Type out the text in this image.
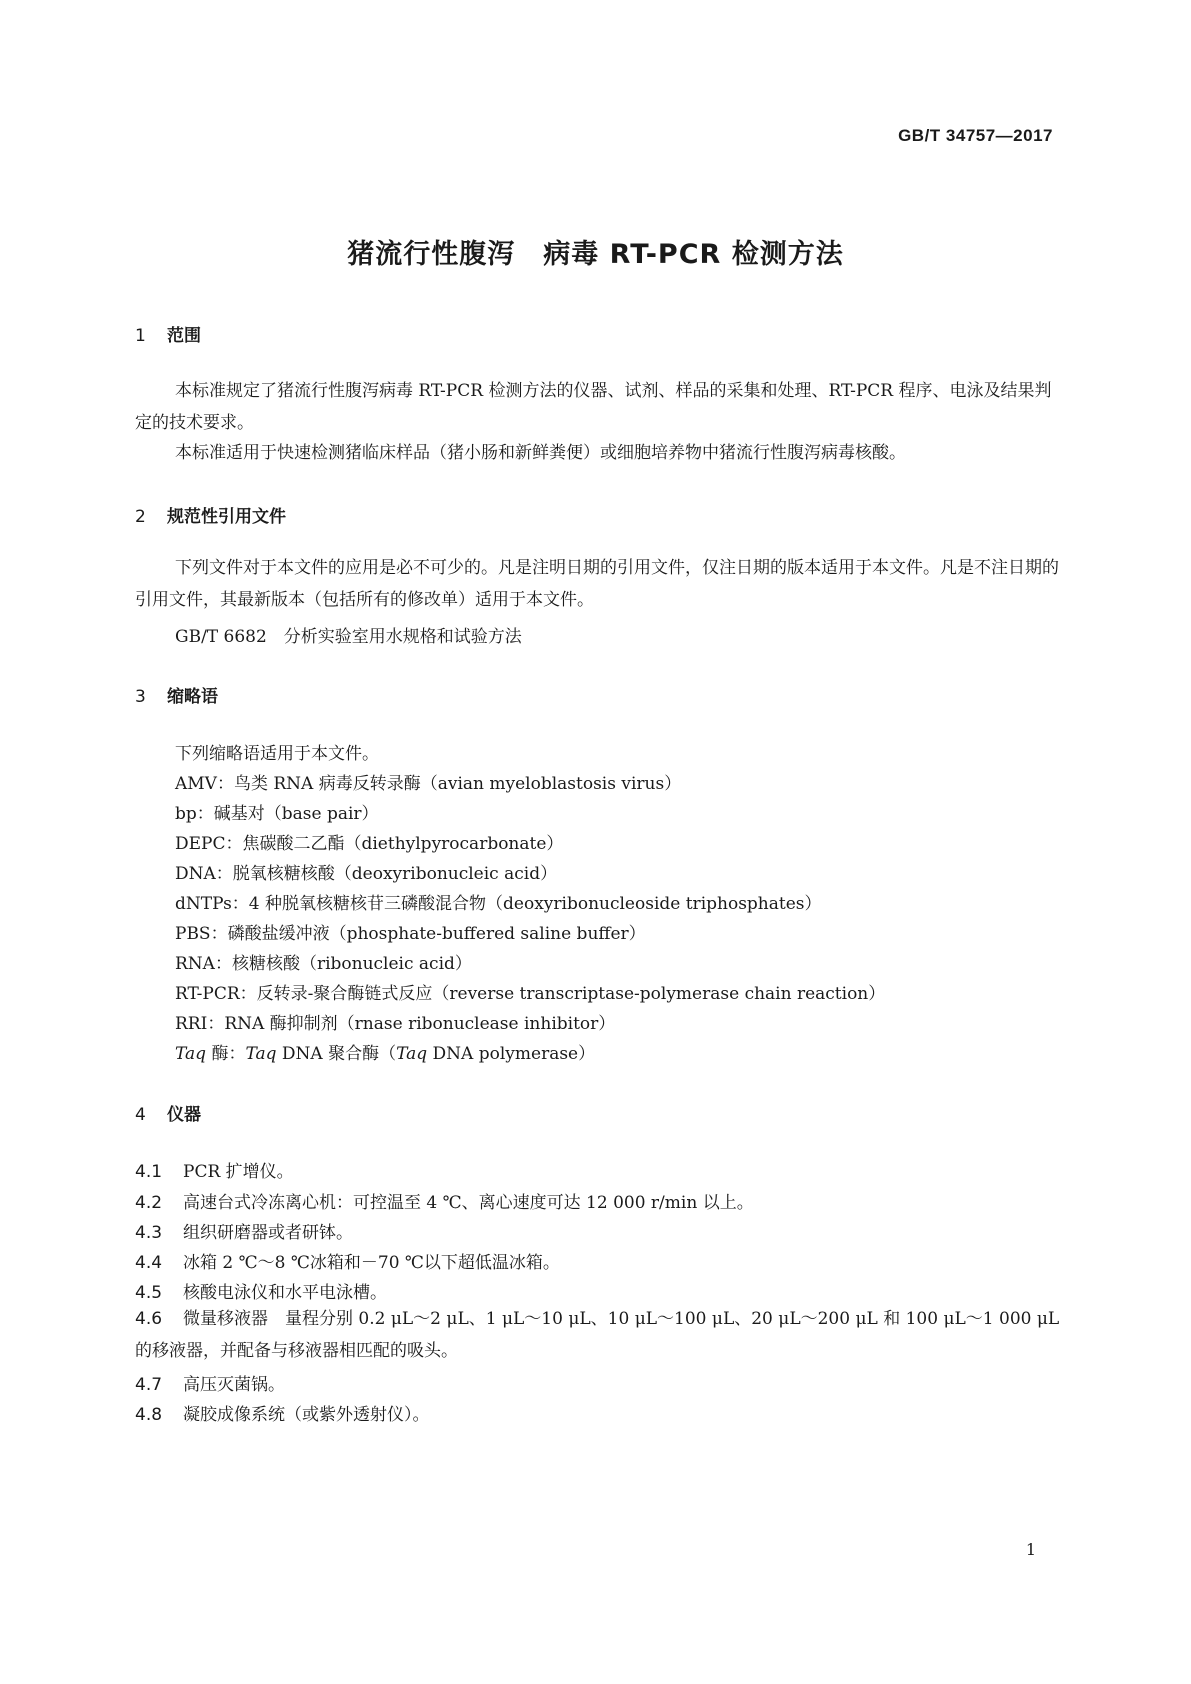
GB/T 34757—2017
猪流行性腹泻　病毒 RT-PCR 检测方法
1 范围
本标准规定了猪流行性腹泻病毒 RT-PCR 检测方法的仪器、试剂、样品的采集和处理、RT-PCR 程序、电泳及结果判定的技术要求。
本标准适用于快速检测猪临床样品（猪小肠和新鲜粪便）或细胞培养物中猪流行性腹泻病毒核酸。
2 规范性引用文件
下列文件对于本文件的应用是必不可少的。凡是注明日期的引用文件，仅注日期的版本适用于本文件。凡是不注日期的引用文件，其最新版本（包括所有的修改单）适用于本文件。
GB/T 6682　分析实验室用水规格和试验方法
3 缩略语
下列缩略语适用于本文件。
AMV：鸟类 RNA 病毒反转录酶（avian myeloblastosis virus）
bp：碱基对（base pair）
DEPC：焦碳酸二乙酯（diethylpyrocarbonate）
DNA：脱氧核糖核酸（deoxyribonucleic acid）
dNTPs：4 种脱氧核糖核苷三磷酸混合物（deoxyribonucleoside triphosphates）
PBS：磷酸盐缓冲液（phosphate-buffered saline buffer）
RNA：核糖核酸（ribonucleic acid）
RT-PCR：反转录-聚合酶链式反应（reverse transcriptase-polymerase chain reaction）
RRI：RNA 酶抑制剂（rnase ribonuclease inhibitor）
Taq 酶：Taq DNA 聚合酶（Taq DNA polymerase）
4 仪器
4.1 PCR 扩增仪。
4.2 高速台式冷冻离心机：可控温至 4 ℃、离心速度可达 12 000 r/min 以上。
4.3 组织研磨器或者研钵。
4.4 冰箱 2 ℃～8 ℃冰箱和－70 ℃以下超低温冰箱。
4.5 核酸电泳仪和水平电泳槽。
4.6 微量移液器　量程分别 0.2 μL～2 μL、1 μL～10 μL、10 μL～100 μL、20 μL～200 μL 和 100 μL～1 000 μL 的移液器，并配备与移液器相匹配的吸头。
4.7 高压灭菌锅。
4.8 凝胶成像系统（或紫外透射仪）。
1
